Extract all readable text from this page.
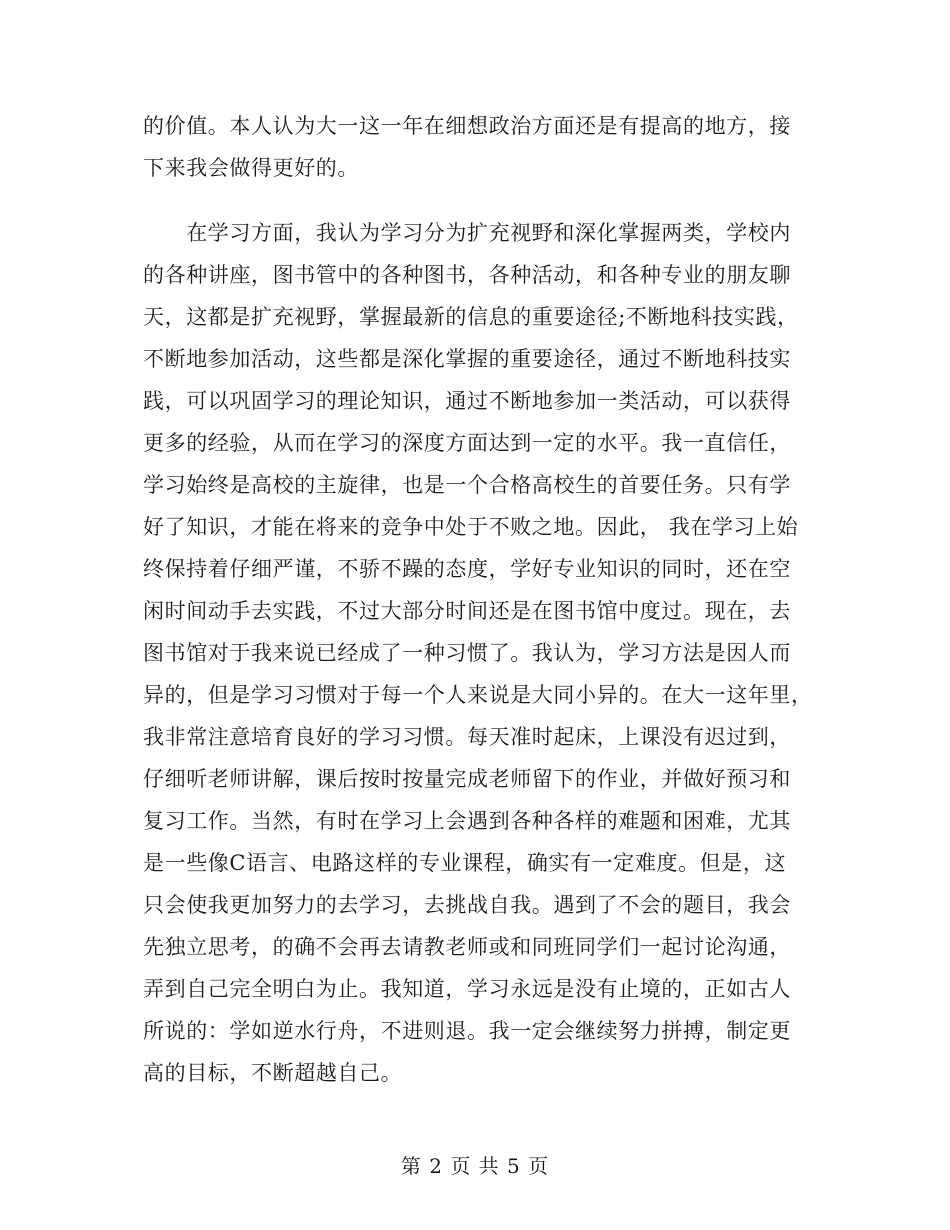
的价值。本人认为大一这一年在细想政治方面还是有提高的地方，接
下来我会做得更好的。
　　在学习方面，我认为学习分为扩充视野和深化掌握两类，学校内
的各种讲座，图书管中的各种图书，各种活动，和各种专业的朋友聊
天，这都是扩充视野，掌握最新的信息的重要途径;不断地科技实践，
不断地参加活动，这些都是深化掌握的重要途径，通过不断地科技实
践，可以巩固学习的理论知识，通过不断地参加一类活动，可以获得
更多的经验，从而在学习的深度方面达到一定的水平。我一直信任，
学习始终是高校的主旋律，也是一个合格高校生的首要任务。只有学
好了知识，才能在将来的竞争中处于不败之地。因此， 我在学习上始
终保持着仔细严谨，不骄不躁的态度，学好专业知识的同时，还在空
闲时间动手去实践，不过大部分时间还是在图书馆中度过。现在，去
图书馆对于我来说已经成了一种习惯了。我认为，学习方法是因人而
异的，但是学习习惯对于每一个人来说是大同小异的。在大一这年里，
我非常注意培育良好的学习习惯。每天准时起床，上课没有迟过到，
仔细听老师讲解，课后按时按量完成老师留下的作业，并做好预习和
复习工作。当然，有时在学习上会遇到各种各样的难题和困难，尤其
是一些像C语言、电路这样的专业课程，确实有一定难度。但是，这
只会使我更加努力的去学习，去挑战自我。遇到了不会的题目，我会
先独立思考，的确不会再去请教老师或和同班同学们一起讨论沟通，
弄到自己完全明白为止。我知道，学习永远是没有止境的，正如古人
所说的：学如逆水行舟，不进则退。我一定会继续努力拼搏，制定更
高的目标，不断超越自己。
第 2 页 共 5 页
